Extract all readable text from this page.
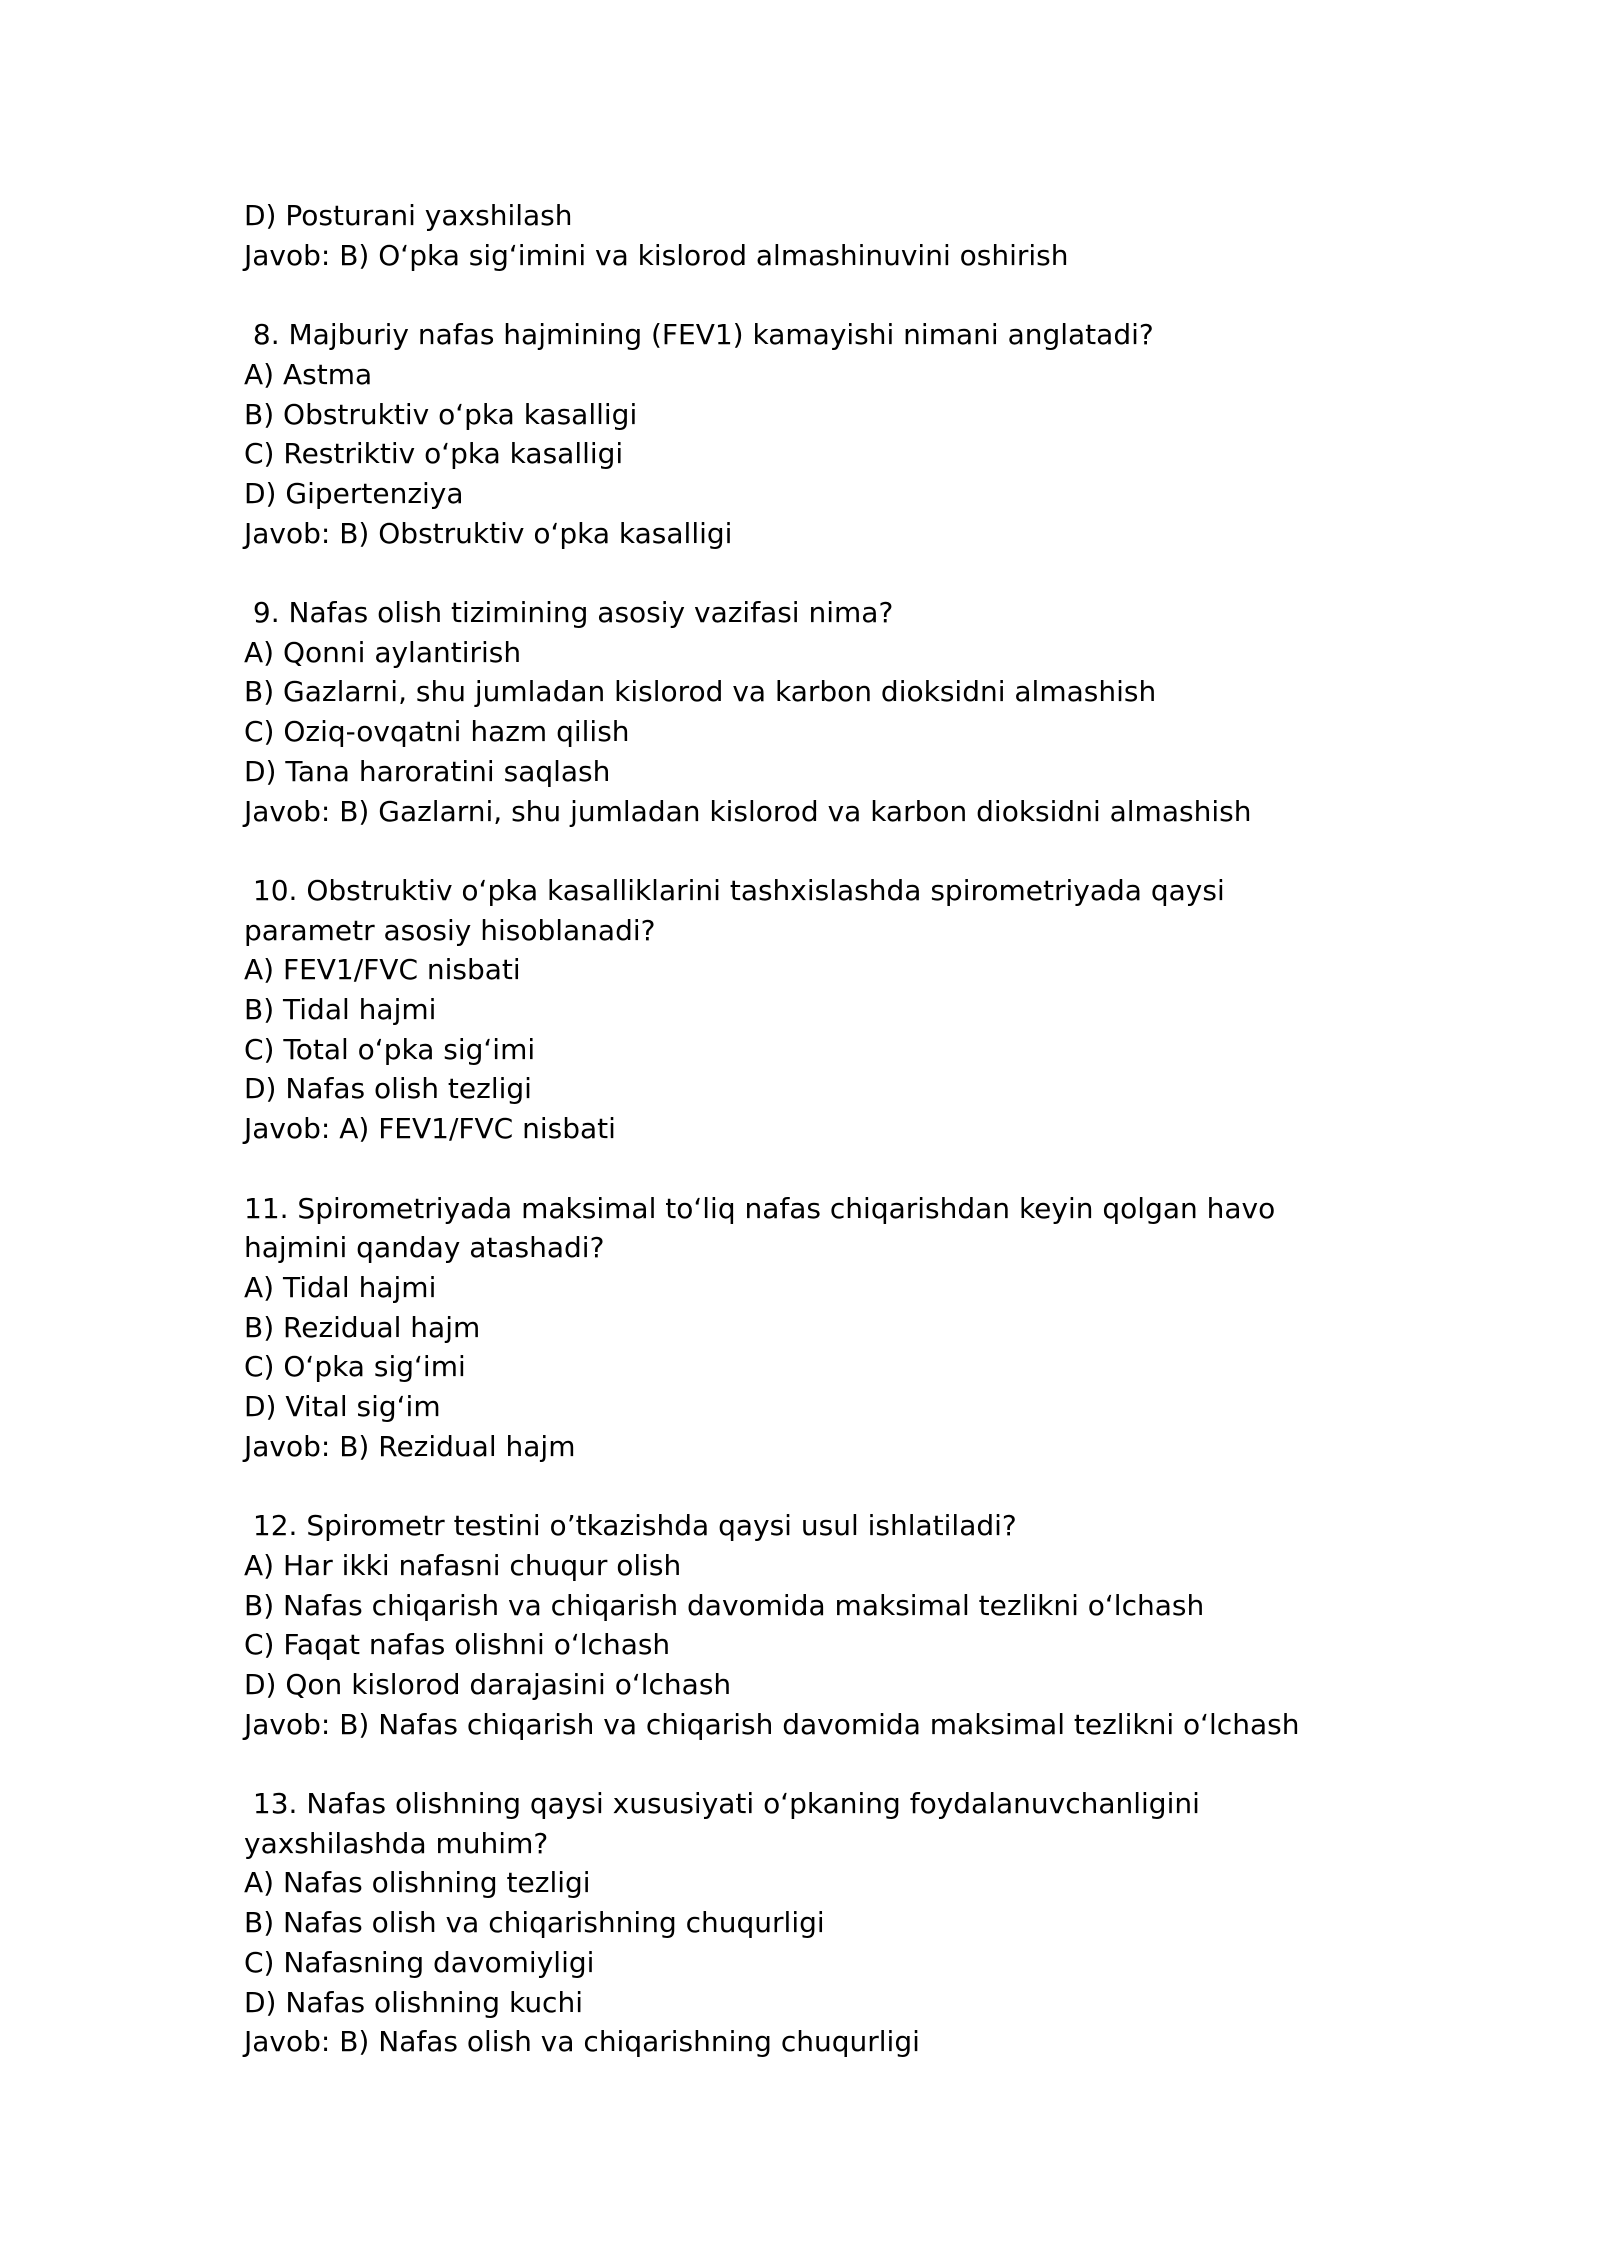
D) Posturani yaxshilash
Javob: B) Oʻpka sigʻimini va kislorod almashinuvini oshirish
8. Majburiy nafas hajmining (FEV1) kamayishi nimani anglatadi?
A) Astma
B) Obstruktiv oʻpka kasalligi
C) Restriktiv oʻpka kasalligi
D) Gipertenziya
Javob: B) Obstruktiv oʻpka kasalligi
9. Nafas olish tizimining asosiy vazifasi nima?
A) Qonni aylantirish
B) Gazlarni, shu jumladan kislorod va karbon dioksidni almashish
C) Oziq-ovqatni hazm qilish
D) Tana haroratini saqlash
Javob: B) Gazlarni, shu jumladan kislorod va karbon dioksidni almashish
10. Obstruktiv oʻpka kasalliklarini tashxislashda spirometriyada qaysi parametr asosiy hisoblanadi?
A) FEV1/FVC nisbati
B) Tidal hajmi
C) Total oʻpka sigʻimi
D) Nafas olish tezligi
Javob: A) FEV1/FVC nisbati
11. Spirometriyada maksimal toʻliq nafas chiqarishdan keyin qolgan havo hajmini qanday atashadi?
A) Tidal hajmi
B) Rezidual hajm
C) Oʻpka sigʻimi
D) Vital sigʻim
Javob: B) Rezidual hajm
12. Spirometr testini o’tkazishda qaysi usul ishlatiladi?
A) Har ikki nafasni chuqur olish
B) Nafas chiqarish va chiqarish davomida maksimal tezlikni oʻlchash
C) Faqat nafas olishni oʻlchash
D) Qon kislorod darajasini oʻlchash
Javob: B) Nafas chiqarish va chiqarish davomida maksimal tezlikni oʻlchash
13. Nafas olishning qaysi xususiyati oʻpkaning foydalanuvchanligini yaxshilashda muhim?
A) Nafas olishning tezligi
B) Nafas olish va chiqarishning chuqurligi
C) Nafasning davomiyligi
D) Nafas olishning kuchi
Javob: B) Nafas olish va chiqarishning chuqurligi
